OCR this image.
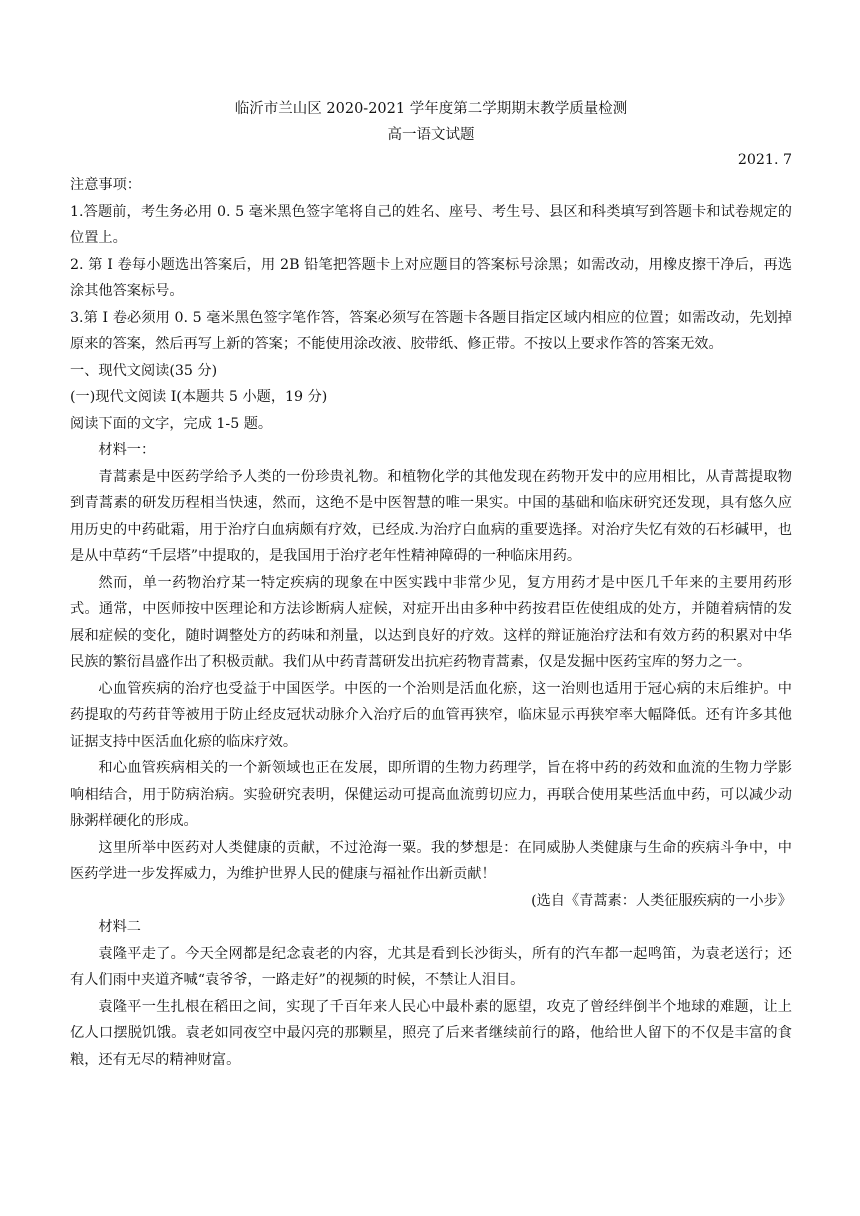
临沂市兰山区 2020-2021 学年度第二学期期末教学质量检测
高一语文试题
2021. 7

注意事项：

1.答题前，考生务必用 0. 5 毫米黑色签字笔将自己的姓名、座号、考生号、县区和科类填写到答题卡和试卷规定的位置上。

2. 第 I 卷每小题选出答案后，用 2B 铅笔把答题卡上对应题目的答案标号涂黑；如需改动，用橡皮擦干净后，再选涂其他答案标号。

3.第 I 卷必须用 0. 5 毫米黑色签字笔作答，答案必须写在答题卡各题目指定区域内相应的位置；如需改动，先划掉原来的答案，然后再写上新的答案；不能使用涂改液、胶带纸、修正带。不按以上要求作答的答案无效。

一、现代文阅读(35 分)

(一)现代文阅读 I(本题共 5 小题，19 分)

阅读下面的文字，完成 1-5 题。

材料一：

青蒿素是中医药学给予人类的一份珍贵礼物。和植物化学的其他发现在药物开发中的应用相比，从青蒿提取物到青蒿素的研发历程相当快速，然而，这绝不是中医智慧的唯一果实。中国的基础和临床研究还发现，具有悠久应用历史的中药砒霜，用于治疗白血病颇有疗效，已经成.为治疗白血病的重要选择。对治疗失忆有效的石杉碱甲，也是从中草药“千层塔”中提取的，是我国用于治疗老年性精神障碍的一种临床用药。

然而，单一药物治疗某一特定疾病的现象在中医实践中非常少见，复方用药才是中医几千年来的主要用药形式。通常，中医师按中医理论和方法诊断病人症候，对症开出由多种中药按君臣佐使组成的处方，并随着病情的发展和症候的变化，随时调整处方的药味和剂量，以达到良好的疗效。这样的辩证施治疗法和有效方药的积累对中华民族的繁衍昌盛作出了积极贡献。我们从中药青蒿研发出抗疟药物青蒿素，仅是发掘中医药宝库的努力之一。

心血管疾病的治疗也受益于中国医学。中医的一个治则是活血化瘀，这一治则也适用于冠心病的末后维护。中药提取的芍药苷等被用于防止经皮冠状动脉介入治疗后的血管再狭窄，临床显示再狭窄率大幅降低。还有许多其他证据支持中医活血化瘀的临床疗效。

和心血管疾病相关的一个新领域也正在发展，即所谓的生物力药理学，旨在将中药的药效和血流的生物力学影响相结合，用于防病治病。实验研究表明，保健运动可提高血流剪切应力，再联合使用某些活血中药，可以减少动脉粥样硬化的形成。

这里所举中医药对人类健康的贡献，不过沧海一粟。我的梦想是：在同威胁人类健康与生命的疾病斗争中，中医药学进一步发挥威力，为维护世界人民的健康与福祉作出新贡献！

(选自《青蒿素：人类征服疾病的一小步》

材料二

袁隆平走了。今天全网都是纪念袁老的内容，尤其是看到长沙街头，所有的汽车都一起鸣笛，为袁老送行；还有人们雨中夹道齐喊“袁爷爷，一路走好”的视频的时候，不禁让人泪目。

袁隆平一生扎根在稻田之间，实现了千百年来人民心中最朴素的愿望，攻克了曾经绊倒半个地球的难题，让上亿人口摆脱饥饿。袁老如同夜空中最闪亮的那颗星，照亮了后来者继续前行的路，他给世人留下的不仅是丰富的食粮，还有无尽的精神财富。
